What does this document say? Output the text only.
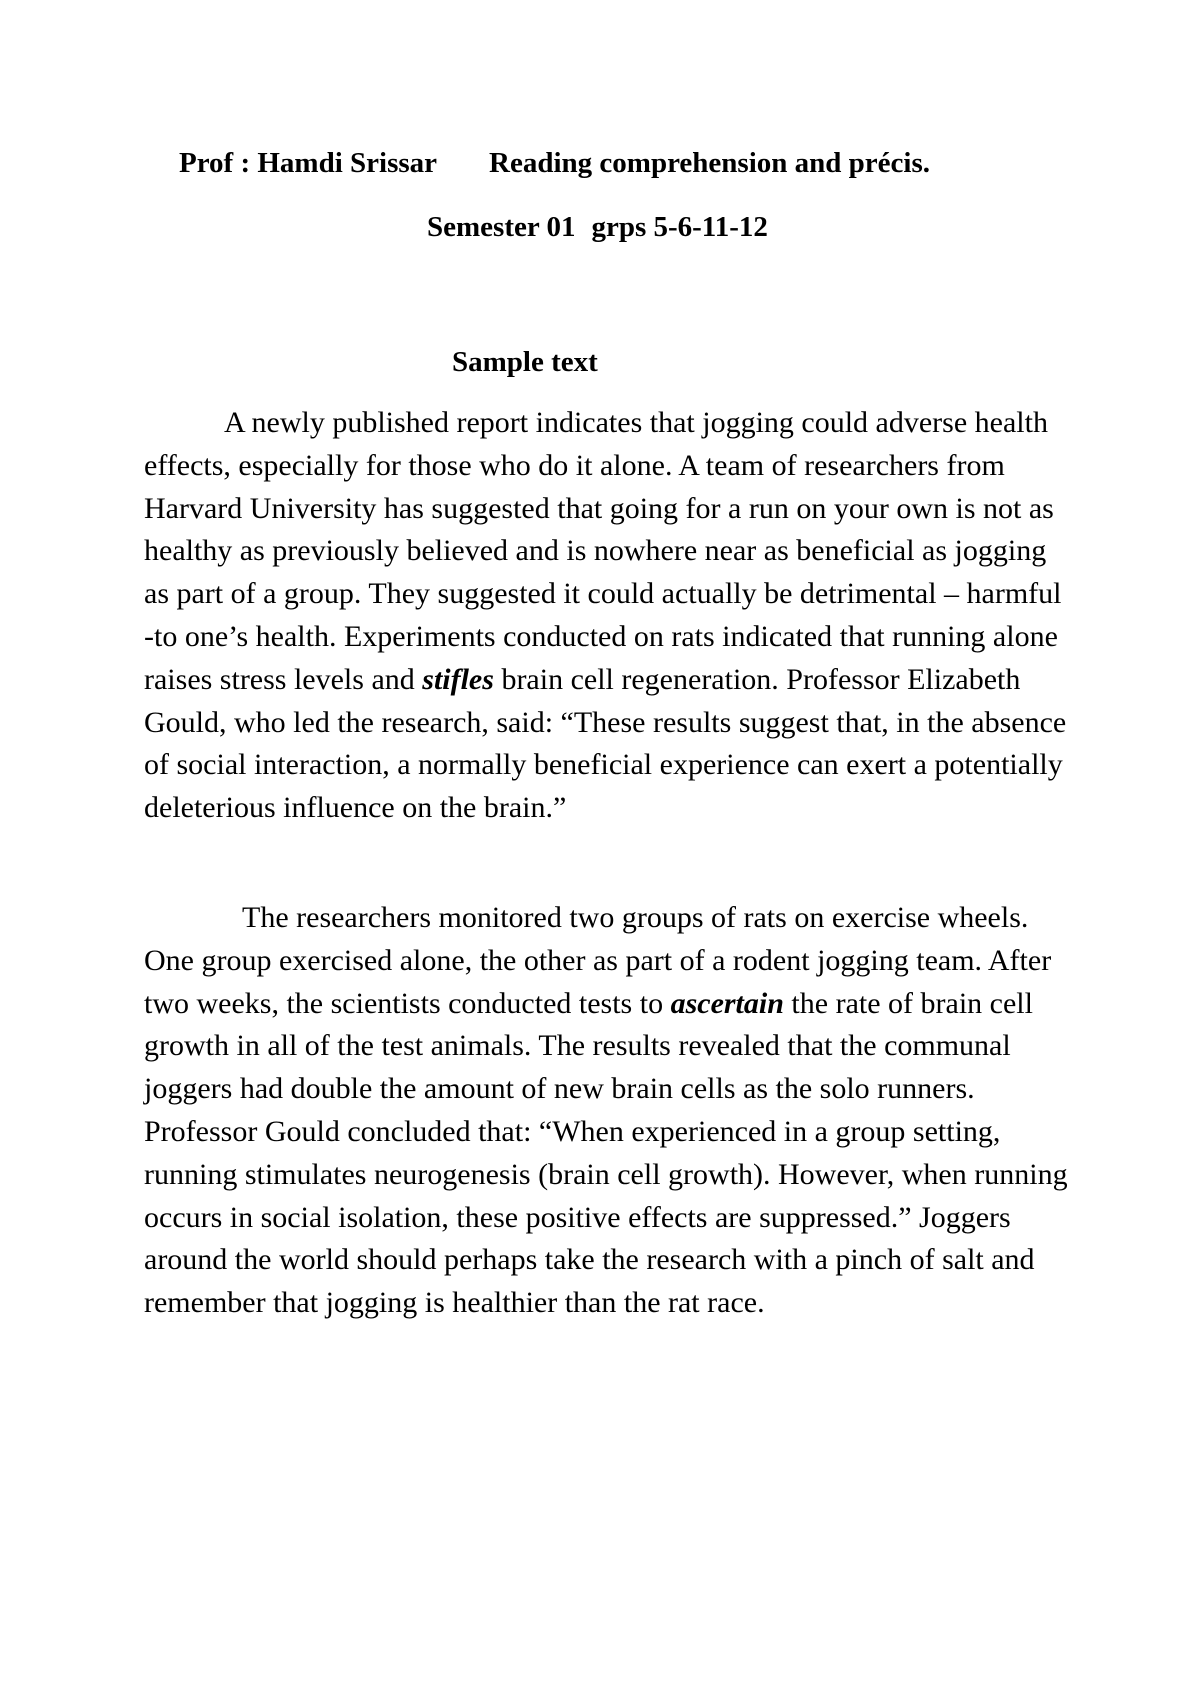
Prof : Hamdi Srissar Reading comprehension and précis.
Semester 01 grps 5-6-11-12
Sample text

A newly published report indicates that jogging could adverse health effects, especially for those who do it alone. A team of researchers from Harvard University has suggested that going for a run on your own is not as healthy as previously believed and is nowhere near as beneficial as jogging as part of a group. They suggested it could actually be detrimental – harmful -to one’s health. Experiments conducted on rats indicated that running alone raises stress levels and stifles brain cell regeneration. Professor Elizabeth Gould, who led the research, said: “These results suggest that, in the absence of social interaction, a normally beneficial experience can exert a potentially deleterious influence on the brain.”

The researchers monitored two groups of rats on exercise wheels. One group exercised alone, the other as part of a rodent jogging team. After two weeks, the scientists conducted tests to ascertain the rate of brain cell growth in all of the test animals. The results revealed that the communal joggers had double the amount of new brain cells as the solo runners. Professor Gould concluded that: “When experienced in a group setting, running stimulates neurogenesis (brain cell growth). However, when running occurs in social isolation, these positive effects are suppressed.” Joggers around the world should perhaps take the research with a pinch of salt and remember that jogging is healthier than the rat race.
